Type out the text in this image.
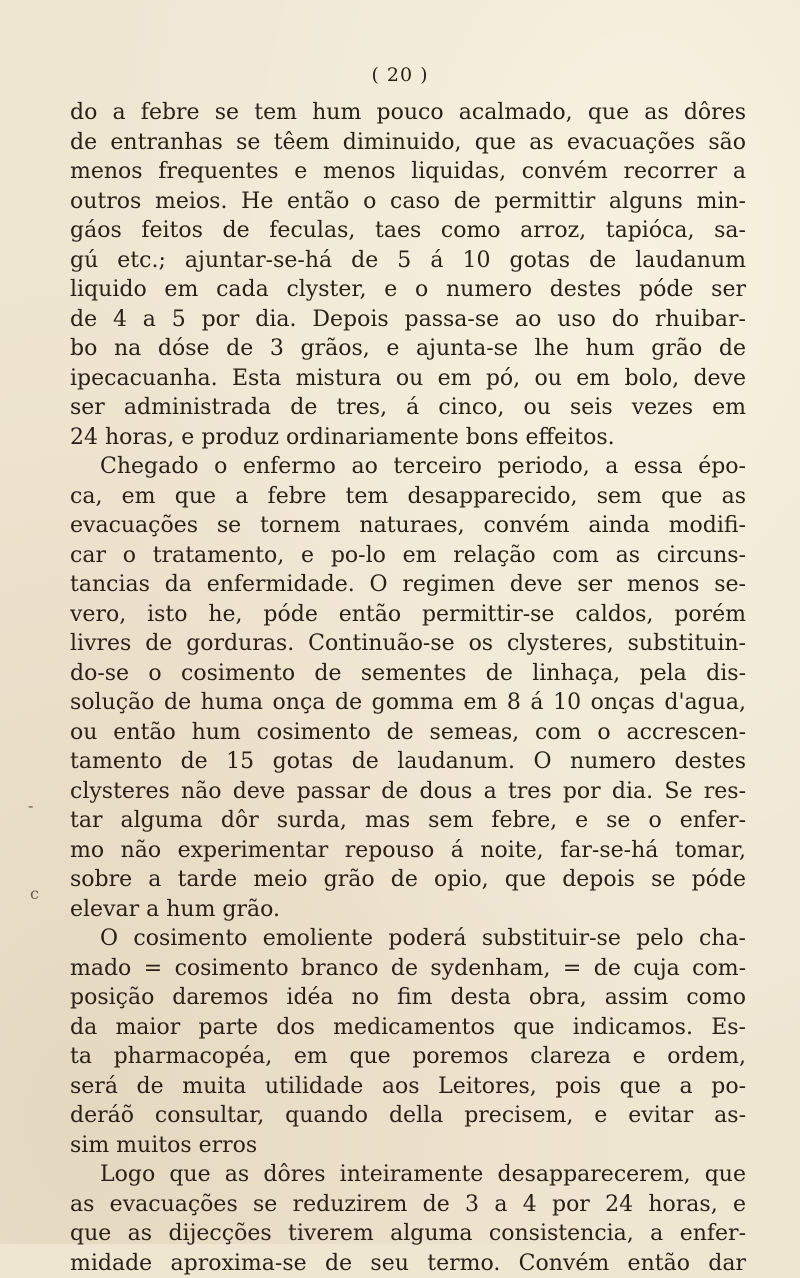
( 20 )
-
c
do a febre se tem hum pouco acalmado, que as dôres
de entranhas se têem diminuido, que as evacuações são
menos frequentes e menos liquidas, convém recorrer a
outros meios. He então o caso de permittir alguns min-
gáos feitos de feculas, taes como arroz, tapióca, sa-
gú etc.; ajuntar-se-há de 5 á 10 gotas de laudanum
liquido em cada clyster, e o numero destes póde ser
de 4 a 5 por dia. Depois passa-se ao uso do rhuibar-
bo na dóse de 3 grãos, e ajunta-se lhe hum grão de
ipecacuanha. Esta mistura ou em pó, ou em bolo, deve
ser administrada de tres, á cinco, ou seis vezes em
24 horas, e produz ordinariamente bons effeitos.
Chegado o enfermo ao terceiro periodo, a essa épo-
ca, em que a febre tem desapparecido, sem que as
evacuações se tornem naturaes, convém ainda modifi-
car o tratamento, e po-lo em relação com as circuns-
tancias da enfermidade. O regimen deve ser menos se-
vero, isto he, póde então permittir-se caldos, porém
livres de gorduras. Continuão-se os clysteres, substituin-
do-se o cosimento de sementes de linhaça, pela dis-
solução de huma onça de gomma em 8 á 10 onças d'agua,
ou então hum cosimento de semeas, com o accrescen-
tamento de 15 gotas de laudanum. O numero destes
clysteres não deve passar de dous a tres por dia. Se res-
tar alguma dôr surda, mas sem febre, e se o enfer-
mo não experimentar repouso á noite, far-se-há tomar,
sobre a tarde meio grão de opio, que depois se póde
elevar a hum grão.
O cosimento emoliente poderá substituir-se pelo cha-
mado = cosimento branco de sydenham, = de cuja com-
posição daremos idéa no fim desta obra, assim como
da maior parte dos medicamentos que indicamos. Es-
ta pharmacopéa, em que poremos clareza e ordem,
será de muita utilidade aos Leitores, pois que a po-
deráõ consultar, quando della precisem, e evitar as-
sim muitos erros
Logo que as dôres inteiramente desapparecerem, que
as evacuações se reduzirem de 3 a 4 por 24 horas, e
que as dijecções tiverem alguma consistencia, a enfer-
midade aproxima-se de seu termo. Convém então dar
